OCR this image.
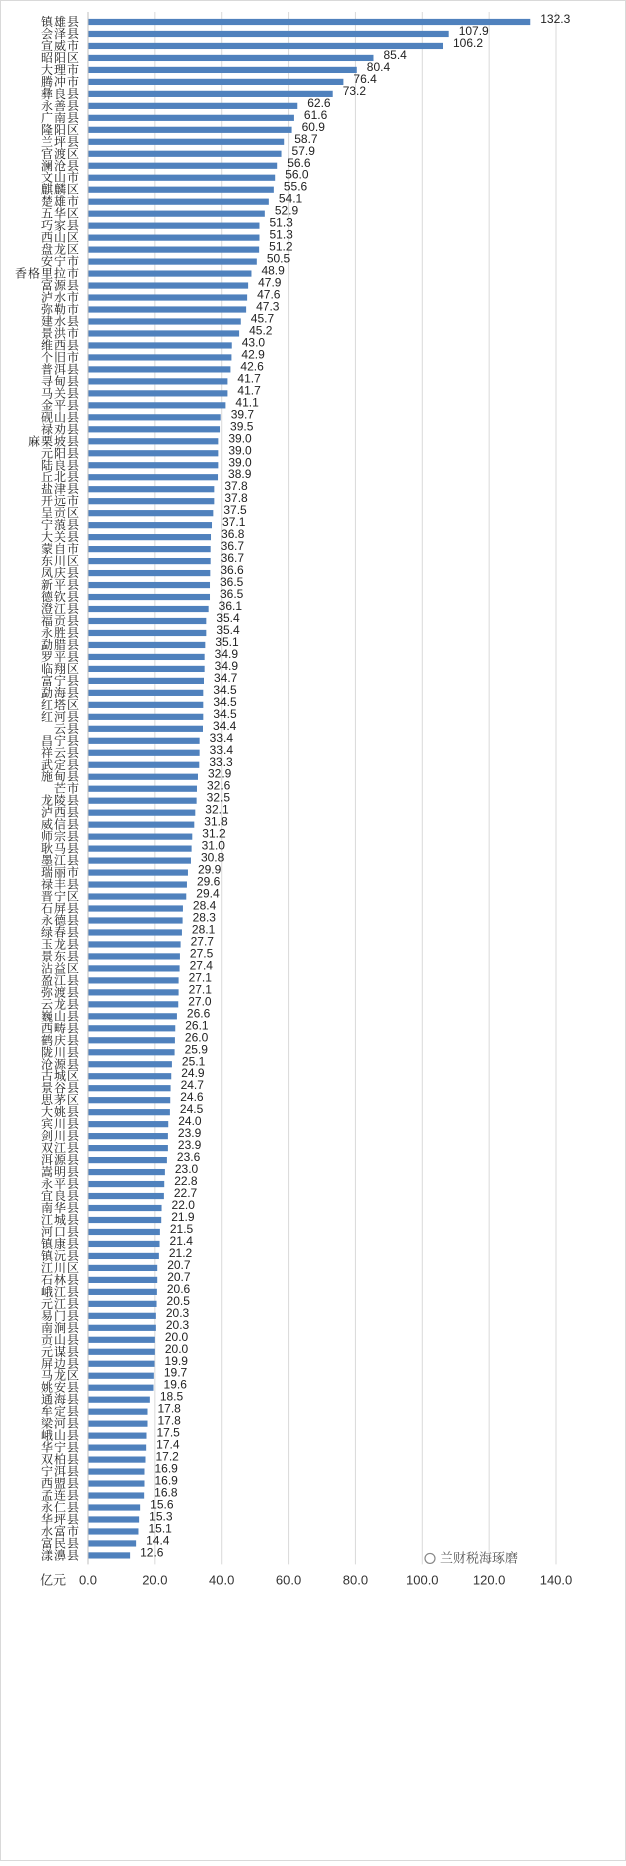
镇雄县	132.3
会泽县	107.9
宣威市	106.2
昭阳区	85.4
大理市	80.4
腾冲市	76.4
彝良县	73.2
永善县	62.6
广南县	61.6
隆阳区	60.9
兰坪县	58.7
官渡区	57.9
澜沧县	56.6
文山市	56.0
麒麟区	55.6
楚雄市	54.1
五华区	52.9
巧家县	51.3
西山区	51.3
盘龙区	51.2
安宁市	50.5
香格里拉市	48.9
富源县	47.9
泸水市	47.6
弥勒市	47.3
建水县	45.7
景洪市	45.2
维西县	43.0
个旧市	42.9
普洱县	42.6
寻甸县	41.7
马关县	41.7
金平县	41.1
砚山县	39.7
禄劝县	39.5
麻栗坡县	39.0
元阳县	39.0
陆良县	39.0
丘北县	38.9
盐津县	37.8
开远市	37.8
呈贡区	37.5
宁蒗县	37.1
大关县	36.8
蒙自市	36.7
东川区	36.7
凤庆县	36.6
新平县	36.5
德钦县	36.5
澄江县	36.1
福贡县	35.4
永胜县	35.4
勐腊县	35.1
罗平县	34.9
临翔区	34.9
富宁县	34.7
勐海县	34.5
红塔区	34.5
红河县	34.5
云县	34.4
昌宁县	33.4
祥云县	33.4
武定县	33.3
施甸县	32.9
芒市	32.6
龙陵县	32.5
泸西县	32.1
威信县	31.8
师宗县	31.2
耿马县	31.0
墨江县	30.8
瑞丽市	29.9
禄丰县	29.6
晋宁区	29.4
石屏县	28.4
永德县	28.3
绿春县	28.1
玉龙县	27.7
景东县	27.5
沾益区	27.4
盈江县	27.1
弥渡县	27.1
云龙县	27.0
巍山县	26.6
西畴县	26.1
鹤庆县	26.0
陇川县	25.9
沧源县	25.1
古城区	24.9
景谷县	24.7
思茅区	24.6
大姚县	24.5
宾川县	24.0
剑川县	23.9
双江县	23.9
洱源县	23.6
嵩明县	23.0
永平县	22.8
宜良县	22.7
南华县	22.0
江城县	21.9
河口县	21.5
镇康县	21.4
镇沅县	21.2
江川区	20.7
石林县	20.7
峨江县	20.6
元江县	20.5
易门县	20.3
南涧县	20.3
贡山县	20.0
元谋县	20.0
屏边县	19.9
马龙区	19.7
姚安县	19.6
通海县	18.5
牟定县	17.8
梁河县	17.8
峨山县	17.5
华宁县	17.4
双柏县	17.2
宁洱县	16.9
西盟县	16.9
孟连县	16.8
永仁县	15.6
华坪县	15.3
水富市	15.1
富民县	14.4
漾濞县	12.6
0.0	20.0	40.0	60.0	80.0	100.0	120.0	140.0
亿元
兰财税海琢磨
